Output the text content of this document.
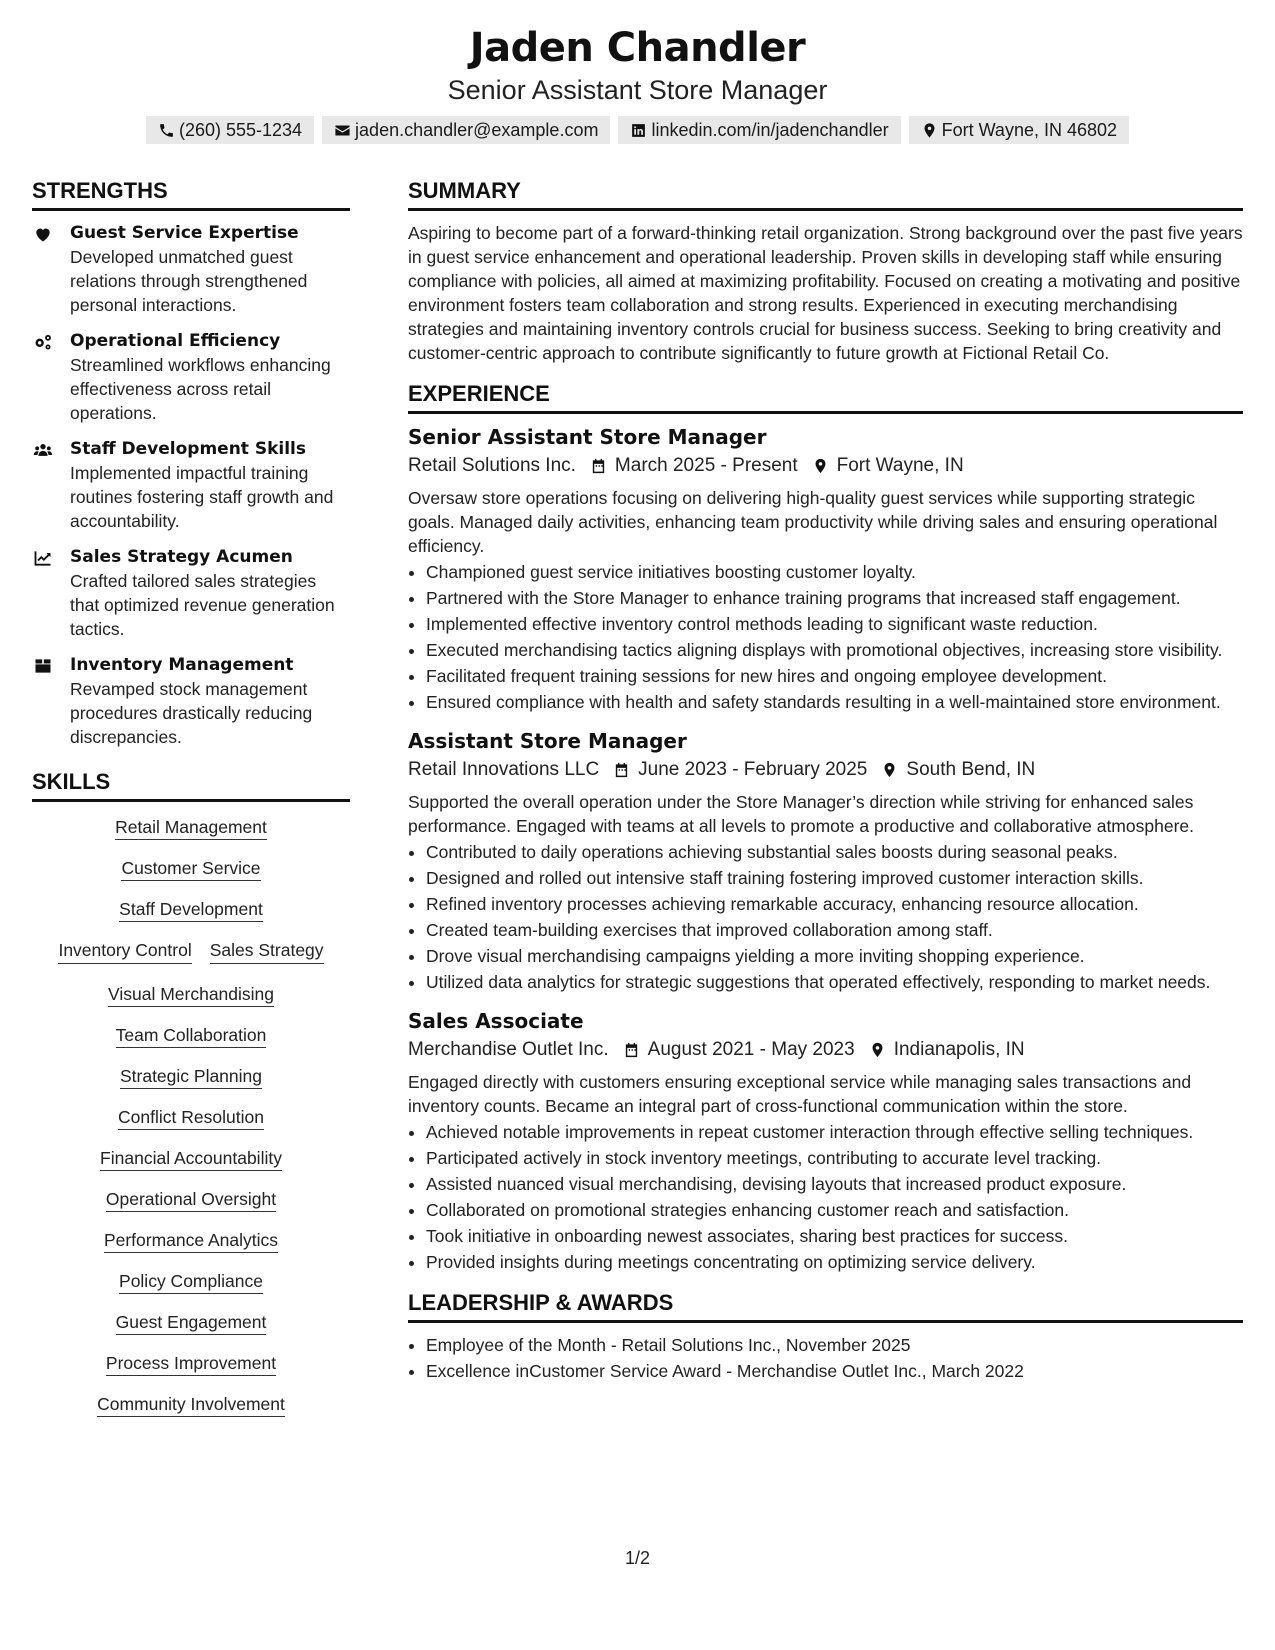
Jaden Chandler
Senior Assistant Store Manager
(260) 555-1234	jaden.chandler@example.com	linkedin.com/in/jadenchandler	Fort Wayne, IN 46802
STRENGTHS
Guest Service Expertise
Developed unmatched guest relations through strengthened personal interactions.
Operational Efficiency
Streamlined workflows enhancing effectiveness across retail operations.
Staff Development Skills
Implemented impactful training routines fostering staff growth and accountability.
Sales Strategy Acumen
Crafted tailored sales strategies that optimized revenue generation tactics.
Inventory Management
Revamped stock management procedures drastically reducing discrepancies.
SKILLS
Retail Management
Customer Service
Staff Development
Inventory Control Sales Strategy
Visual Merchandising
Team Collaboration
Strategic Planning
Conflict Resolution
Financial Accountability
Operational Oversight
Performance Analytics
Policy Compliance
Guest Engagement
Process Improvement
Community Involvement
SUMMARY

Aspiring to become part of a forward-thinking retail organization. Strong background over the past five years in guest service enhancement and operational leadership. Proven skills in developing staff while ensuring compliance with policies, all aimed at maximizing profitability. Focused on creating a motivating and positive environment fosters team collaboration and strong results. Experienced in executing merchandising strategies and maintaining inventory controls crucial for business success. Seeking to bring creativity and customer-centric approach to contribute significantly to future growth at Fictional Retail Co.

EXPERIENCE
Senior Assistant Store Manager
Retail Solutions Inc. March 2025 - Present Fort Wayne, IN

Oversaw store operations focusing on delivering high-quality guest services while supporting strategic goals. Managed daily activities, enhancing team productivity while driving sales and ensuring operational efficiency.

• Championed guest service initiatives boosting customer loyalty.
• Partnered with the Store Manager to enhance training programs that increased staff engagement.
• Implemented effective inventory control methods leading to significant waste reduction.
• Executed merchandising tactics aligning displays with promotional objectives, increasing store visibility.
• Facilitated frequent training sessions for new hires and ongoing employee development.
• Ensured compliance with health and safety standards resulting in a well-maintained store environment.
Assistant Store Manager
Retail Innovations LLC June 2023 - February 2025 South Bend, IN

Supported the overall operation under the Store Manager’s direction while striving for enhanced sales performance. Engaged with teams at all levels to promote a productive and collaborative atmosphere.

• Contributed to daily operations achieving substantial sales boosts during seasonal peaks.
• Designed and rolled out intensive staff training fostering improved customer interaction skills.
• Refined inventory processes achieving remarkable accuracy, enhancing resource allocation.
• Created team-building exercises that improved collaboration among staff.
• Drove visual merchandising campaigns yielding a more inviting shopping experience.
• Utilized data analytics for strategic suggestions that operated effectively, responding to market needs.
Sales Associate
Merchandise Outlet Inc. August 2021 - May 2023 Indianapolis, IN

Engaged directly with customers ensuring exceptional service while managing sales transactions and inventory counts. Became an integral part of cross-functional communication within the store.

• Achieved notable improvements in repeat customer interaction through effective selling techniques.
• Participated actively in stock inventory meetings, contributing to accurate level tracking.
• Assisted nuanced visual merchandising, devising layouts that increased product exposure.
• Collaborated on promotional strategies enhancing customer reach and satisfaction.
• Took initiative in onboarding newest associates, sharing best practices for success.
• Provided insights during meetings concentrating on optimizing service delivery.
LEADERSHIP & AWARDS
• Employee of the Month - Retail Solutions Inc., November 2025
• Excellence inCustomer Service Award - Merchandise Outlet Inc., March 2022
1/2
